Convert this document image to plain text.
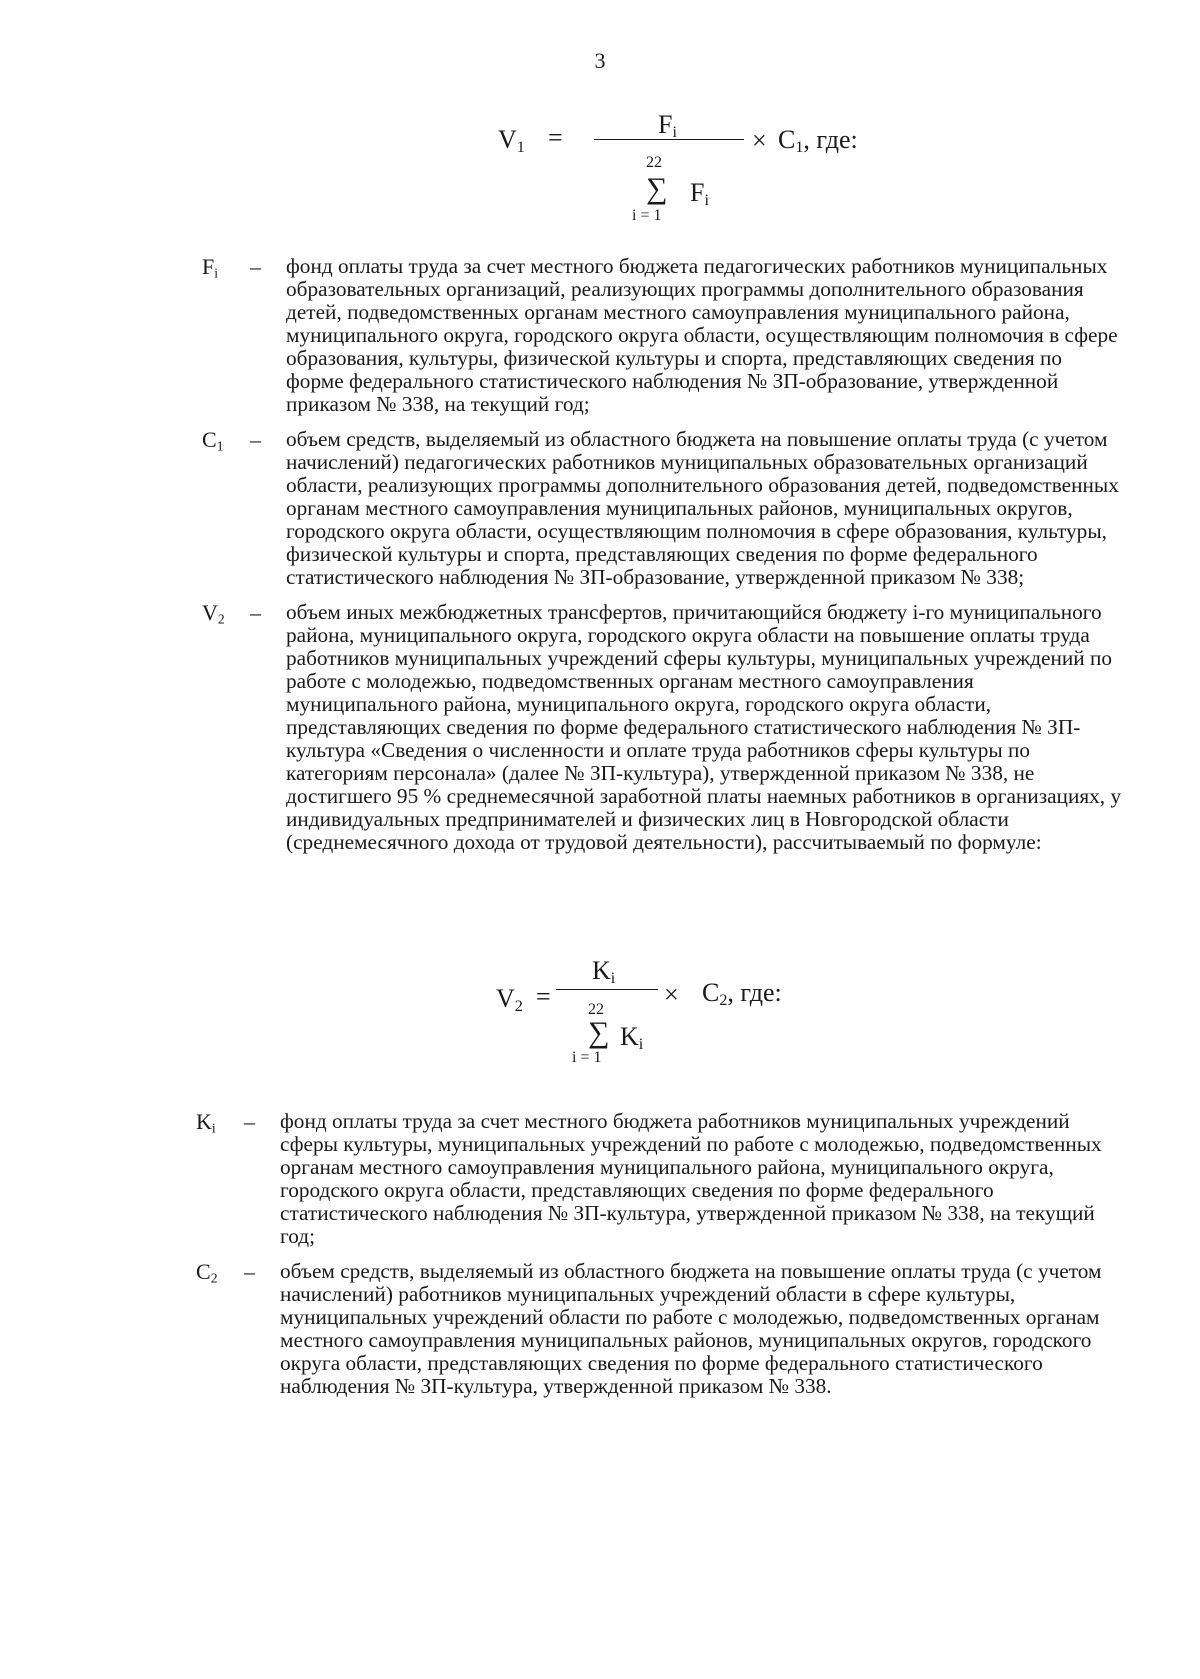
3
$V_1$ =	$F_i$	× $C_1$, где:
22
∑ $F_i$
i = 1
$F_i$	–	фонд оплаты труда за счет местного бюджета педагогических работников муниципальных образовательных организаций, реализующих программы дополнительного образования детей, подведомственных органам местного самоуправления муниципального района, муниципального округа, городского округа области, осуществляющим полномочия в сфере образования, культуры, физической культуры и спорта, представляющих сведения по форме федерального статистического наблюдения № ЗП-образование, утвержденной приказом № 338, на текущий год;
$C_1$	–	объем средств, выделяемый из областного бюджета на повышение оплаты труда (с учетом начислений) педагогических работников муниципальных образовательных организаций области, реализующих программы дополнительного образования детей, подведомственных органам местного самоуправления муниципальных районов, муниципальных округов, городского округа области, осуществляющим полномочия в сфере образования, культуры, физической культуры и спорта, представляющих сведения по форме федерального статистического наблюдения № ЗП-образование, утвержденной приказом № 338;
$V_2$	–	объем иных межбюджетных трансфертов, причитающийся бюджету i-го муниципального района, муниципального округа, городского округа области на повышение оплаты труда работников муниципальных учреждений сферы культуры, муниципальных учреждений по работе с молодежью, подведомственных органам местного самоуправления муниципального района, муниципального округа, городского округа области, представляющих сведения по форме федерального статистического наблюдения № ЗП-культура «Сведения о численности и оплате труда работников сферы культуры по категориям персонала» (далее № ЗП-культура), утвержденной приказом № 338, не достигшего 95 % среднемесячной заработной платы наемных работников в организациях, у индивидуальных предпринимателей и физических лиц в Новгородской области (среднемесячного дохода от трудовой деятельности), рассчитываемый по формуле:
$V_2$ =
$K_i$
× $C_2$, где:
22
∑ $K_i$
i = 1
$K_i$	–	фонд оплаты труда за счет местного бюджета работников муниципальных учреждений сферы культуры, муниципальных учреждений по работе с молодежью, подведомственных органам местного самоуправления муниципального района, муниципального округа, городского округа области, представляющих сведения по форме федерального статистического наблюдения № ЗП-культура, утвержденной приказом № 338, на текущий год;
$C_2$	–	объем средств, выделяемый из областного бюджета на повышение оплаты труда (с учетом начислений) работников муниципальных учреждений области в сфере культуры, муниципальных учреждений области по работе с молодежью, подведомственных органам местного самоуправления муниципальных районов, муниципальных округов, городского округа области, представляющих сведения по форме федерального статистического наблюдения № ЗП-культура, утвержденной приказом № 338.
